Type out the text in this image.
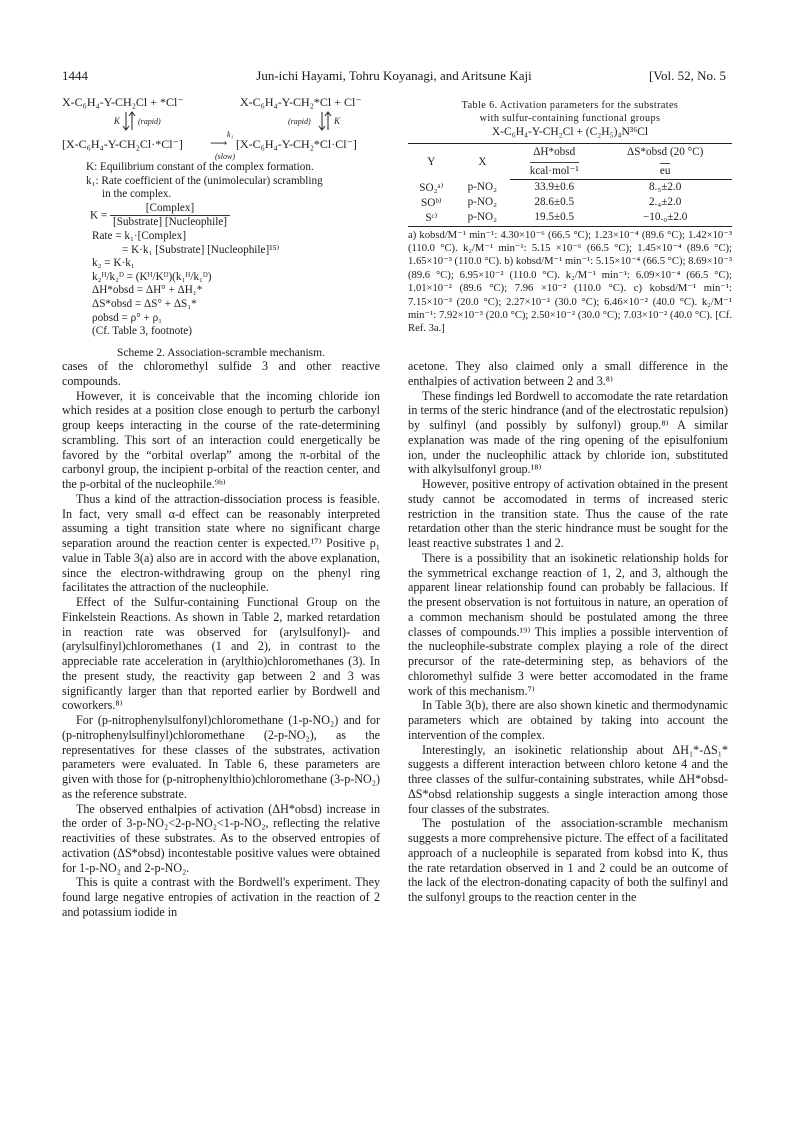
1444	Jun-ichi Hayami, Tohru Koyanagi, and Aritsune Kaji	[Vol. 52, No. 5
X-C₆H₄-Y-CH₂Cl + *Cl⁻	X-C₆H₄-Y-CH₂*Cl + Cl⁻
K (rapid)	(rapid)	K
k₁
[X-C₆H₄-Y-CH₂Cl·*Cl⁻] ⟶ [X-C₆H₄-Y-CH₂*Cl·Cl⁻]
(slow)
K: Equilibrium constant of the complex formation.
k₁: Rate coefficient of the (unimolecular) scrambling
in the complex.
$K = \frac{\text{[Complex]}}{\text{[Substrate] [Nucleophile]}}$
Rate = k₁·[Complex]
= K·k₁ [Substrate] [Nucleophile]¹⁵⁾
k₂ = K·k₁
k₂ᴴ/k₂ᴰ = (Kᴴ/Kᴰ)(k₁ᴴ/k₁ᴰ)
ΔH*obsd = ΔH° + ΔH₁*
ΔS*obsd = ΔS° + ΔS₁*
ρobsd = ρ° + ρ₁
(Cf. Table 3, footnote)
Scheme 2. Association-scramble mechanism.
Table 6. Activation parameters for the substrates
with sulfur-containing functional groups
X-C₆H₄-Y-CH₂Cl + (C₂H₅)₄N³⁶Cl
Y	X	ΔH*obsd	ΔS*obsd (20 °C)
		kcal·mol⁻¹	eu
SO₂ᵃ⁾	p-NO₂	33.9±0.6	8.₅±2.0
SOᵇ⁾	p-NO₂	28.6±0.5	2.₄±2.0
Sᶜ⁾	p-NO₂	19.5±0.5	−10.₀±2.0
a) kobsd/M⁻¹ min⁻¹: 4.30×10⁻⁶ (66.5 °C); 1.23×10⁻⁴ (89.6 °C); 1.42×10⁻³ (110.0 °C). k₂/M⁻¹ min⁻¹: 5.15 ×10⁻⁶ (66.5 °C); 1.45×10⁻⁴ (89.6 °C); 1.65×10⁻³ (110.0 °C). b) kobsd/M⁻¹ min⁻¹: 5.15×10⁻⁴ (66.5 °C); 8.69×10⁻³ (89.6 °C); 6.95×10⁻² (110.0 °C). k₂/M⁻¹ min⁻¹: 6.09×10⁻⁴ (66.5 °C); 1.01×10⁻² (89.6 °C); 7.96 ×10⁻² (110.0 °C). c) kobsd/M⁻¹ min⁻¹: 7.15×10⁻³ (20.0 °C); 2.27×10⁻² (30.0 °C); 6.46×10⁻² (40.0 °C). k₂/M⁻¹ min⁻¹: 7.92×10⁻³ (20.0 °C); 2.50×10⁻² (30.0 °C); 7.03×10⁻² (40.0 °C). [Cf. Ref. 3a.]

cases of the chloromethyl sulfide 3 and other reactive compounds.

However, it is conceivable that the incoming chloride ion which resides at a position close enough to perturb the carbonyl group keeps interacting in the course of the rate-determining scrambling. This sort of an interaction could energetically be favored by the “orbital overlap” among the π-orbital of the carbonyl group, the incipient p-orbital of the reaction center, and the p-orbital of the nucleophile.⁹ᵇ⁾

Thus a kind of the attraction-dissociation process is feasible. In fact, very small α-d effect can be reasonably interpreted assuming a tight transition state where no significant charge separation around the reaction center is expected.¹⁷⁾ Positive ρ₁ value in Table 3(a) also are in accord with the above explanation, since the electron-withdrawing group on the phenyl ring facilitates the attraction of the nucleophile.

Effect of the Sulfur-containing Functional Group on the Finkelstein Reactions. As shown in Table 2, marked retardation in reaction rate was observed for (arylsulfonyl)- and (arylsulfinyl)chloromethanes (1 and 2), in contrast to the appreciable rate acceleration in (arylthio)chloromethanes (3). In the present study, the reactivity gap between 2 and 3 was significantly larger than that reported earlier by Bordwell and coworkers.⁸⁾

For (p-nitrophenylsulfonyl)chloromethane (1-p-NO₂) and for (p-nitrophenylsulfinyl)chloromethane (2-p-NO₂), as the representatives for these classes of the substrates, activation parameters were evaluated. In Table 6, these parameters are given with those for (p-nitrophenylthio)chloromethane (3-p-NO₂) as the reference substrate.

The observed enthalpies of activation (ΔH*obsd) increase in the order of 3-p-NO₂<2-p-NO₂<1-p-NO₂, reflecting the relative reactivities of these substrates. As to the observed entropies of activation (ΔS*obsd) incontestable positive values were obtained for 1-p-NO₂ and 2-p-NO₂.

This is quite a contrast with the Bordwell's experiment. They found large negative entropies of activation in the reaction of 2 and potassium iodide in

acetone. They also claimed only a small difference in the enthalpies of activation between 2 and 3.⁸⁾

These findings led Bordwell to accomodate the rate retardation in terms of the steric hindrance (and of the electrostatic repulsion) by sulfinyl (and possibly by sulfonyl) group.⁸⁾ A similar explanation was made of the ring opening of the episulfonium ion, under the nucleophilic attack by chloride ion, substituted with alkylsulfonyl group.¹⁸⁾

However, positive entropy of activation obtained in the present study cannot be accomodated in terms of increased steric restriction in the transition state. Thus the cause of the rate retardation other than the steric hindrance must be sought for the least reactive substrates 1 and 2.

There is a possibility that an isokinetic relationship holds for the symmetrical exchange reaction of 1, 2, and 3, although the apparent linear relationship found can probably be fallacious. If the present observation is not fortuitous in nature, an operation of a common mechanism should be postulated among the three classes of compounds.¹⁹⁾ This implies a possible intervention of the nucleophile-substrate complex playing a role of the direct precursor of the rate-determining step, as behaviors of the chloromethyl sulfide 3 were better accomodated in the frame work of this mechanism.⁷⁾

In Table 3(b), there are also shown kinetic and thermodynamic parameters which are obtained by taking into account the intervention of the complex.

Interestingly, an isokinetic relationship about ΔH₁*-ΔS₁* suggests a different interaction between chloro ketone 4 and the three classes of the sulfur-containing substrates, while ΔH*obsd-ΔS*obsd relationship suggests a single interaction among those four classes of the substrates.

The postulation of the association-scramble mechanism suggests a more comprehensive picture. The effect of a facilitated approach of a nucleophile is separated from kobsd into K, thus the rate retardation observed in 1 and 2 could be an outcome of the lack of the electron-donating capacity of both the sulfinyl and the sulfonyl groups to the reaction center in the
